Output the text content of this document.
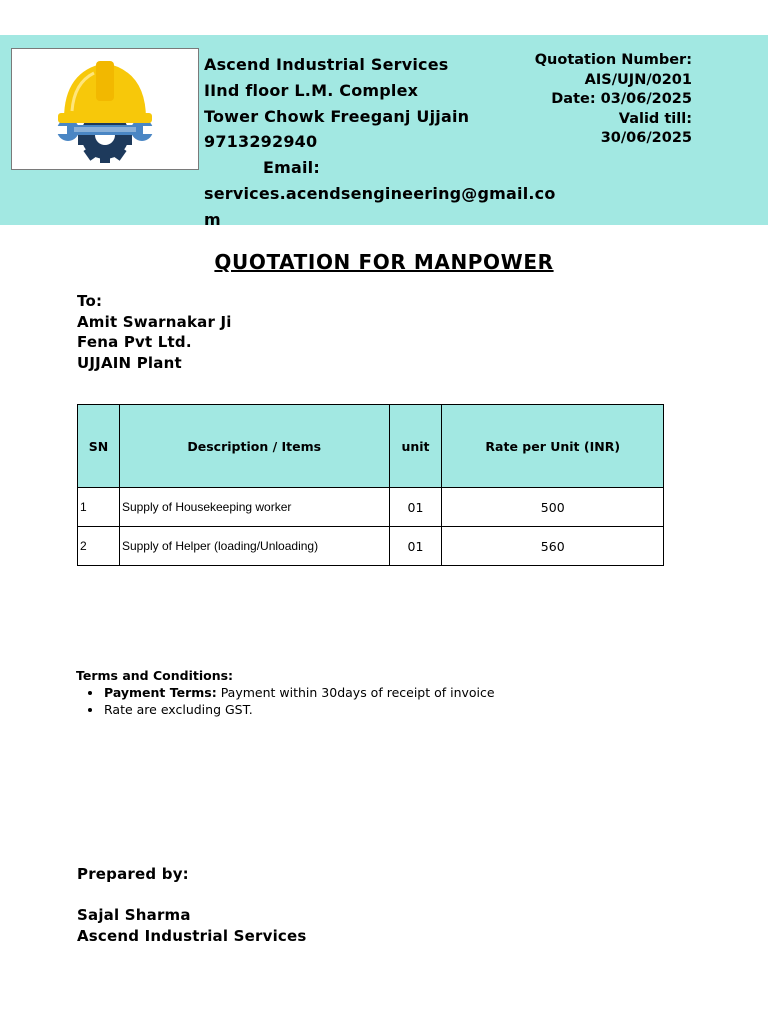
Ascend Industrial Services
IInd floor L.M. Complex
Tower Chowk Freeganj Ujjain
9713292940
Email:
services.acendsengineering@gmail.com
Quotation Number:
AIS/UJN/0201
Date: 03/06/2025
Valid till:
30/06/2025
QUOTATION FOR MANPOWER
To:
Amit Swarnakar Ji
Fena Pvt Ltd.
UJJAIN Plant
SN	Description / Items	unit	Rate per Unit (INR)
1	Supply of Housekeeping worker	01	500
2	Supply of Helper (loading/Unloading)	01	560
Terms and Conditions:
• Payment Terms: Payment within 30days of receipt of invoice
• Rate are excluding GST.
Prepared by:
Sajal Sharma
Ascend Industrial Services
